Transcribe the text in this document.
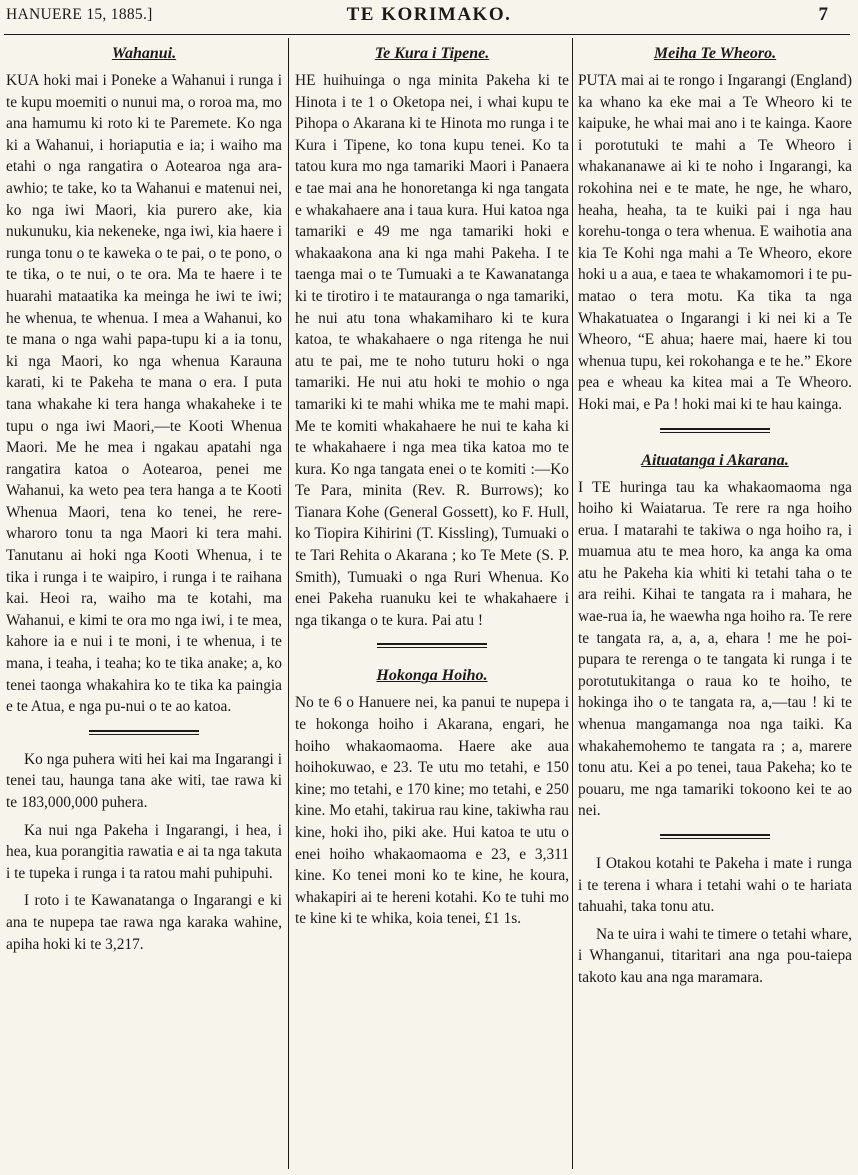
HANUERE 15, 1885.]	TE KORIMAKO.	7
Wahanui.

KUA hoki mai i Poneke a Wahanui i runga i te kupu moemiti o nunui ma, o roroa ma, mo ana hamumu ki roto ki te Paremete. Ko nga ki a Wahanui, i horiaputia e ia; i waiho ma etahi o nga rangatira o Aotearoa nga ara-awhio; te take, ko ta Wahanui e matenui nei, ko nga iwi Maori, kia purero ake, kia nukunuku, kia nekeneke, nga iwi, kia haere i runga tonu o te kaweka o te pai, o te pono, o te tika, o te nui, o te ora. Ma te haere i te huarahi mataatika ka meinga he iwi te iwi; he whenua, te whenua. I mea a Wahanui, ko te mana o nga wahi papa-tupu ki a ia tonu, ki nga Maori, ko nga whenua Karauna karati, ki te Pakeha te mana o era. I puta tana whakahe ki tera hanga whakaheke i te tupu o nga iwi Maori,—te Kooti Whenua Maori. Me he mea i ngakau apatahi nga rangatira katoa o Aotearoa, penei me Wahanui, ka weto pea tera hanga a te Kooti Whenua Maori, tena ko tenei, he rere-wharoro tonu ta nga Maori ki tera mahi. Tanutanu ai hoki nga Kooti Whenua, i te tika i runga i te waipiro, i runga i te raihana kai. Heoi ra, waiho ma te kotahi, ma Wahanui, e kimi te ora mo nga iwi, i te mea, kahore ia e nui i te moni, i te whenua, i te mana, i teaha, i teaha; ko te tika anake; a, ko tenei taonga whakahira ko te tika ka paingia e te Atua, e nga pu-nui o te ao katoa.

Ko nga puhera witi hei kai ma Ingarangi i tenei tau, haunga tana ake witi, tae rawa ki te 183,000,000 puhera.

Ka nui nga Pakeha i Ingarangi, i hea, i hea, kua porangitia rawatia e ai ta nga takuta i te tupeka i runga i ta ratou mahi puhipuhi.

I roto i te Kawanatanga o Ingarangi e ki ana te nupepa tae rawa nga karaka wahine, apiha hoki ki te 3,217.

Te Kura i Tipene.

HE huihuinga o nga minita Pakeha ki te Hinota i te 1 o Oketopa nei, i whai kupu te Pihopa o Akarana ki te Hinota mo runga i te Kura i Tipene, ko tona kupu tenei. Ko ta tatou kura mo nga tamariki Maori i Panaera e tae mai ana he honoretanga ki nga tangata e whakahaere ana i taua kura. Hui katoa nga tamariki e 49 me nga tamariki hoki e whakaakona ana ki nga mahi Pakeha. I te taenga mai o te Tumuaki a te Kawanatanga ki te tirotiro i te matauranga o nga tamariki, he nui atu tona whakamiharo ki te kura katoa, te whakahaere o nga ritenga he nui atu te pai, me te noho tuturu hoki o nga tamariki. He nui atu hoki te mohio o nga tamariki ki te mahi whika me te mahi mapi. Me te komiti whakahaere he nui te kaha ki te whakahaere i nga mea tika katoa mo te kura. Ko nga tangata enei o te komiti :—Ko Te Para, minita (Rev. R. Burrows); ko Tianara Kohe (General Gossett), ko F. Hull, ko Tiopira Kihirini (T. Kissling), Tumuaki o te Tari Rehita o Akarana ; ko Te Mete (S. P. Smith), Tumuaki o nga Ruri Whenua. Ko enei Pakeha ruanuku kei te whakahaere i nga tikanga o te kura. Pai atu !

Hokonga Hoiho.

No te 6 o Hanuere nei, ka panui te nupepa i te hokonga hoiho i Akarana, engari, he hoiho whakaomaoma. Haere ake aua hoihokuwao, e 23. Te utu mo tetahi, e 150 kine; mo tetahi, e 170 kine; mo tetahi, e 250 kine. Mo etahi, takirua rau kine, takiwha rau kine, hoki iho, piki ake. Hui katoa te utu o enei hoiho whakaomaoma e 23, e 3,311 kine. Ko tenei moni ko te kine, he koura, whakapiri ai te hereni kotahi. Ko te tuhi mo te kine ki te whika, koia tenei, £1 1s.

Meiha Te Wheoro.

PUTA mai ai te rongo i Ingarangi (England) ka whano ka eke mai a Te Wheoro ki te kaipuke, he whai mai ano i te kainga. Kaore i porotutuki te mahi a Te Wheoro i whakananawe ai ki te noho i Ingarangi, ka rokohina nei e te mate, he nge, he wharo, heaha, heaha, ta te kuiki pai i nga hau korehu-tonga o tera whenua. E waihotia ana kia Te Kohi nga mahi a Te Wheoro, ekore hoki u a aua, e taea te whakamomori i te pu-matao o tera motu. Ka tika ta nga Whakatuatea o Ingarangi i ki nei ki a Te Wheoro, “E ahua; haere mai, haere ki tou whenua tupu, kei rokohanga e te he.” Ekore pea e wheau ka kitea mai a Te Wheoro. Hoki mai, e Pa ! hoki mai ki te hau kainga.

Aituatanga i Akarana.

I TE huringa tau ka whakaomaoma nga hoiho ki Waiatarua. Te rere ra nga hoiho erua. I matarahi te takiwa o nga hoiho ra, i muamua atu te mea horo, ka anga ka oma atu he Pakeha kia whiti ki tetahi taha o te ara reihi. Kihai te tangata ra i mahara, he wae-rua ia, he waewha nga hoiho ra. Te rere te tangata ra, a, a, a, ehara ! me he poi-pupara te rerenga o te tangata ki runga i te porotutukitanga o raua ko te hoiho, te hokinga iho o te tangata ra, a,—tau ! ki te whenua mangamanga noa nga taiki. Ka whakahemohemo te tangata ra ; a, marere tonu atu. Kei a po tenei, taua Pakeha; ko te pouaru, me nga tamariki tokoono kei te ao nei.

I Otakou kotahi te Pakeha i mate i runga i te terena i whara i tetahi wahi o te hariata tahuahi, taka tonu atu.

Na te uira i wahi te timere o tetahi whare, i Whanganui, titaritari ana nga pou-taiepa takoto kau ana nga maramara.
